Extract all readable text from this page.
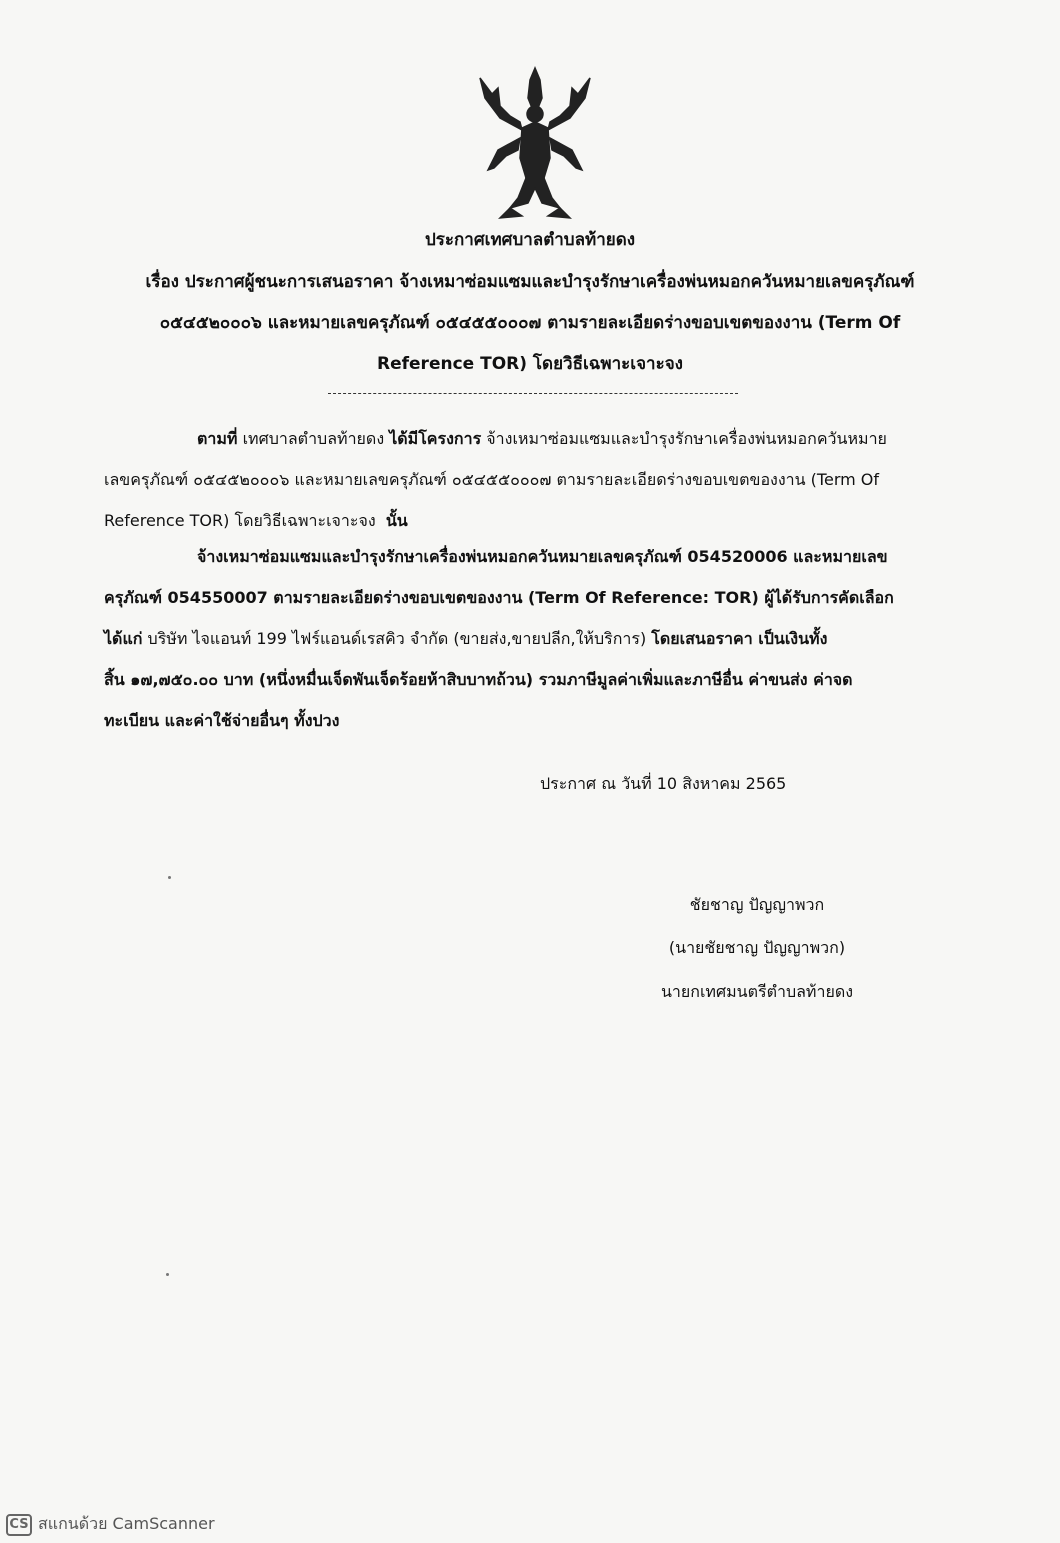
ประกาศเทศบาลตำบลท้ายดง
เรื่อง ประกาศผู้ชนะการเสนอราคา จ้างเหมาซ่อมแซมและบำรุงรักษาเครื่องพ่นหมอกควันหมายเลขครุภัณฑ์
๐๕๔๕๒๐๐๐๖ และหมายเลขครุภัณฑ์ ๐๕๔๕๕๐๐๐๗ ตามรายละเอียดร่างขอบเขตของงาน (Term Of
Reference TOR) โดยวิธีเฉพาะเจาะจง
ตามที่ เทศบาลตำบลท้ายดง ได้มีโครงการ จ้างเหมาซ่อมแซมและบำรุงรักษาเครื่องพ่นหมอกควันหมาย
เลขครุภัณฑ์ ๐๕๔๕๒๐๐๐๖ และหมายเลขครุภัณฑ์ ๐๕๔๕๕๐๐๐๗ ตามรายละเอียดร่างขอบเขตของงาน (Term Of
Reference TOR) โดยวิธีเฉพาะเจาะจง นั้น
จ้างเหมาซ่อมแซมและบำรุงรักษาเครื่องพ่นหมอกควันหมายเลขครุภัณฑ์ 054520006 และหมายเลข
ครุภัณฑ์ 054550007 ตามรายละเอียดร่างขอบเขตของงาน (Term Of Reference: TOR) ผู้ได้รับการคัดเลือก
ได้แก่ บริษัท ไจแอนท์ 199 ไฟร์แอนด์เรสคิว จำกัด (ขายส่ง,ขายปลีก,ให้บริการ) โดยเสนอราคา เป็นเงินทั้ง
สิ้น ๑๗,๗๕๐.๐๐ บาท (หนึ่งหมื่นเจ็ดพันเจ็ดร้อยห้าสิบบาทถ้วน) รวมภาษีมูลค่าเพิ่มและภาษีอื่น ค่าขนส่ง ค่าจด
ทะเบียน และค่าใช้จ่ายอื่นๆ ทั้งปวง
ประกาศ ณ วันที่ 10 สิงหาคม 2565
ชัยชาญ ปัญญาพวก
(นายชัยชาญ ปัญญาพวก)
นายกเทศมนตรีตำบลท้ายดง
CS สแกนด้วย CamScanner
